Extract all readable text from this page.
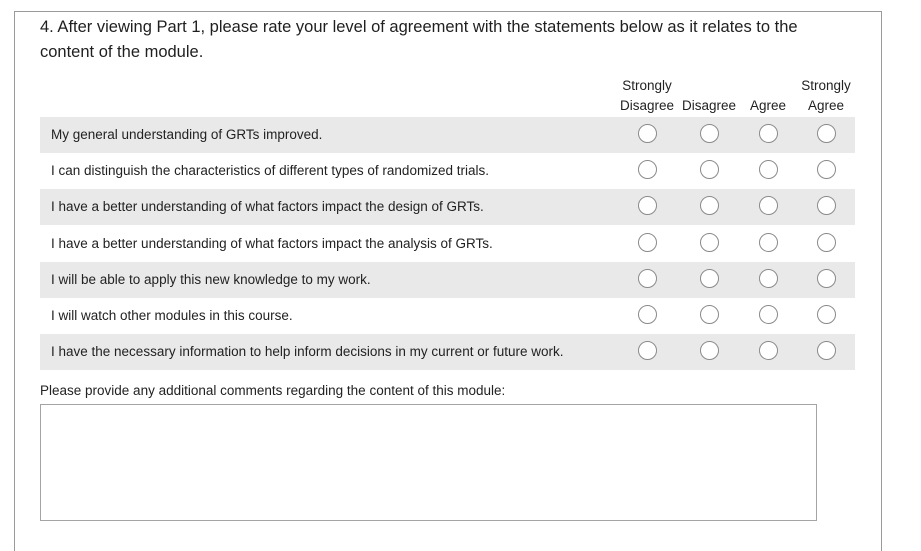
4. After viewing Part 1, please rate your level of agreement with the statements below as it relates to the content of the module.
Strongly
Disagree
Disagree
	Agree
Strongly
Agree
My general understanding of GRTs improved.
I can distinguish the characteristics of different types of randomized trials.
I have a better understanding of what factors impact the design of GRTs.
I have a better understanding of what factors impact the analysis of GRTs.
I will be able to apply this new knowledge to my work.
I will watch other modules in this course.
I have the necessary information to help inform decisions in my current or future work.
Please provide any additional comments regarding the content of this module:
